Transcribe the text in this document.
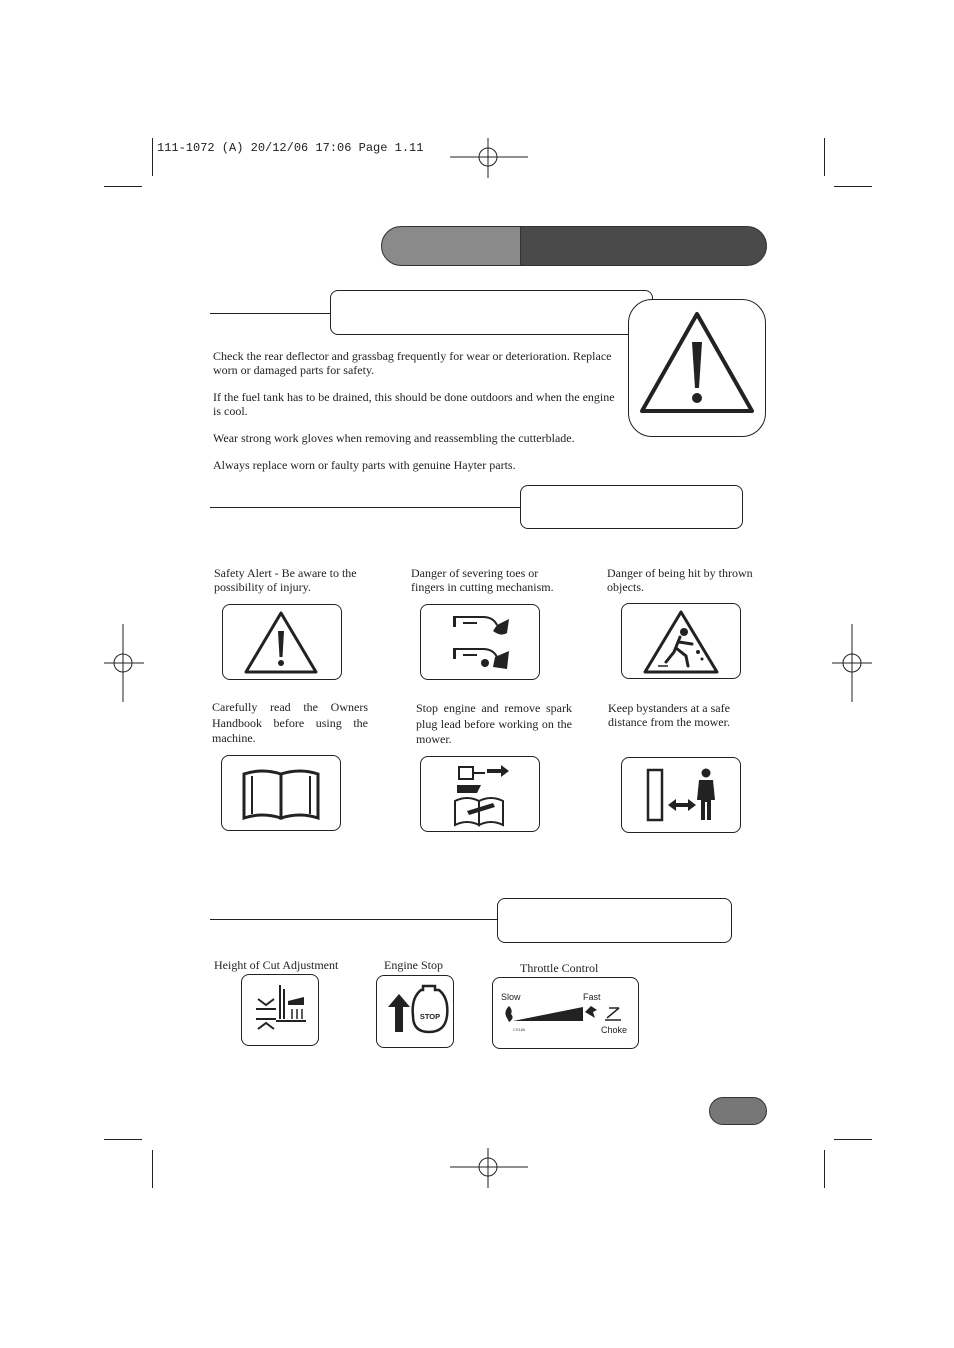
111-1072 (A) 20/12/06 17:06 Page 1.11
Check the rear deflector and grassbag frequently for wear or deterioration. Replace worn or damaged parts for safety.
If the fuel tank has to be drained, this should be done outdoors and when the engine is cool.
Wear strong work gloves when removing and reassembling the cutterblade.
Always replace worn or faulty parts with genuine Hayter parts.
Safety Alert - Be aware to the possibility of injury.
Danger of severing toes or fingers in cutting mechanism.
Danger of being hit by thrown objects.
Carefully read the Owners Handbook before using the machine.
Stop engine and remove spark plug lead before working on the mower.
Keep bystanders at a safe distance from the mower.
Height of Cut Adjustment	Engine Stop	Throttle Control
STOP
Slow	Fast
Choke
CS186
